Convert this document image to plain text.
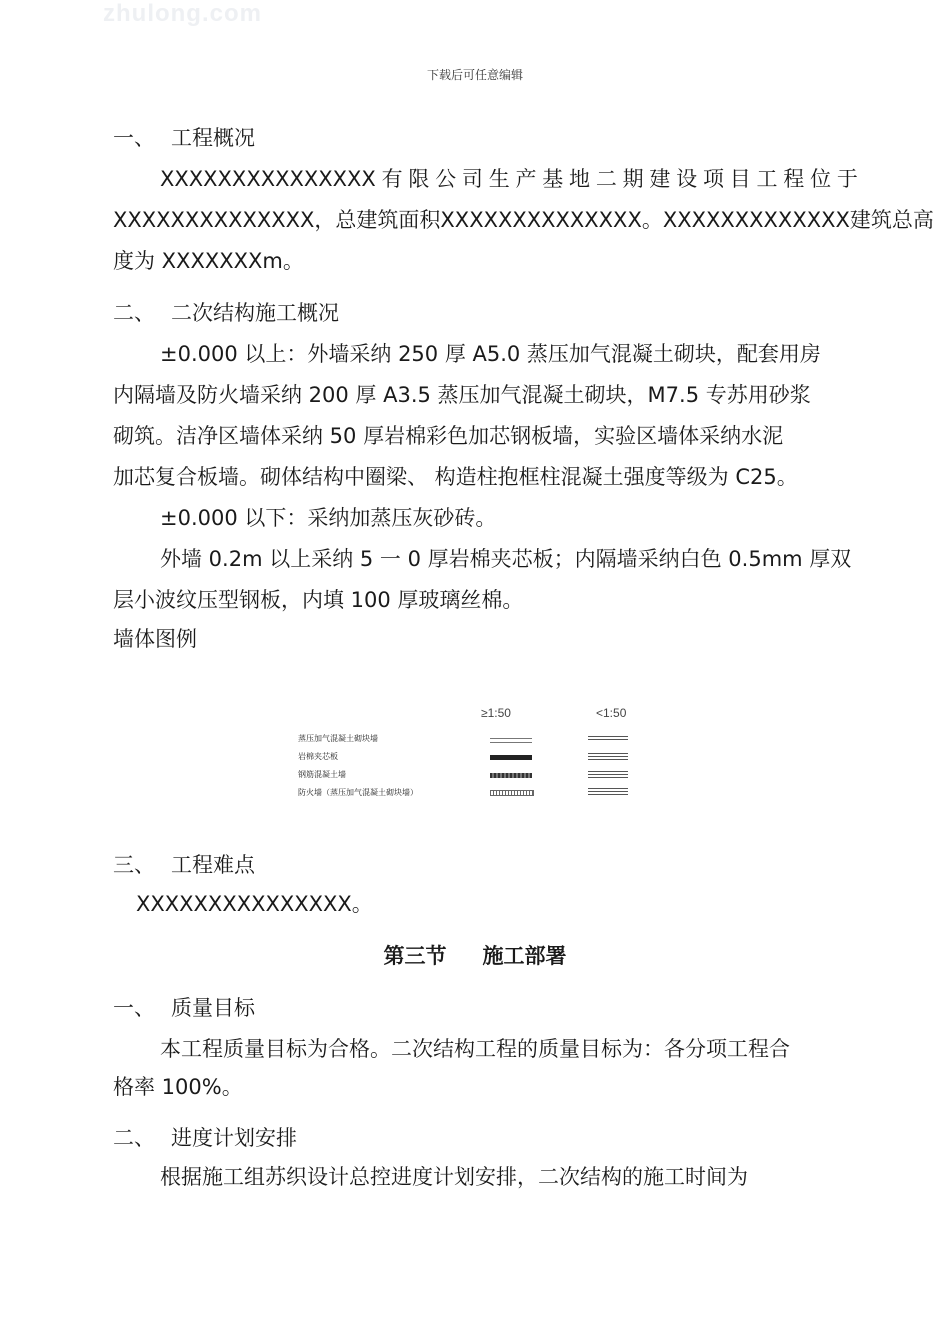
zhulong.com
下载后可任意编辑
一、 工程概况
XXXXXXXXXXXXXXX 有 限 公 司 生 产 基 地 二 期 建 设 项 目 工 程 位 于
XXXXXXXXXXXXXX， 总建筑面积 XXXXXXXXXXXXXX。 XXXXXXXXXXXXX 建筑总高
度为 XXXXXXXm。
二、 二次结构施工概况
±0.000 以上：外墙采纳 250 厚 A5.0 蒸压加气混凝土砌块，配套用房
内隔墙及防火墙采纳 200 厚 A3.5 蒸压加气混凝土砌块，M7.5 专苏用砂浆
砌筑。洁净区墙体采纳 50 厚岩棉彩色加芯钢板墙，实验区墙体采纳水泥
加芯复合板墙。砌体结构中圈梁、 构造柱抱框柱混凝土强度等级为 C25。
±0.000 以下：采纳加蒸压灰砂砖。
外墙 0.2m 以上采纳 5 一 0 厚岩棉夹芯板；内隔墙采纳白色 0.5mm 厚双
层小波纹压型钢板，内填 100 厚玻璃丝棉。
墙体图例
≥1:50	<1:50
蒸压加气混凝土砌块墙
岩棉夹芯板
钢筋混凝土墙
防火墙（蒸压加气混凝土砌块墙）
三、 工程难点
XXXXXXXXXXXXXXX。
第三节 施工部署
一、 质量目标
本工程质量目标为合格。二次结构工程的质量目标为：各分项工程合
格率 100%。
二、 进度计划安排
根据施工组苏织设计总控进度计划安排，二次结构的施工时间为
